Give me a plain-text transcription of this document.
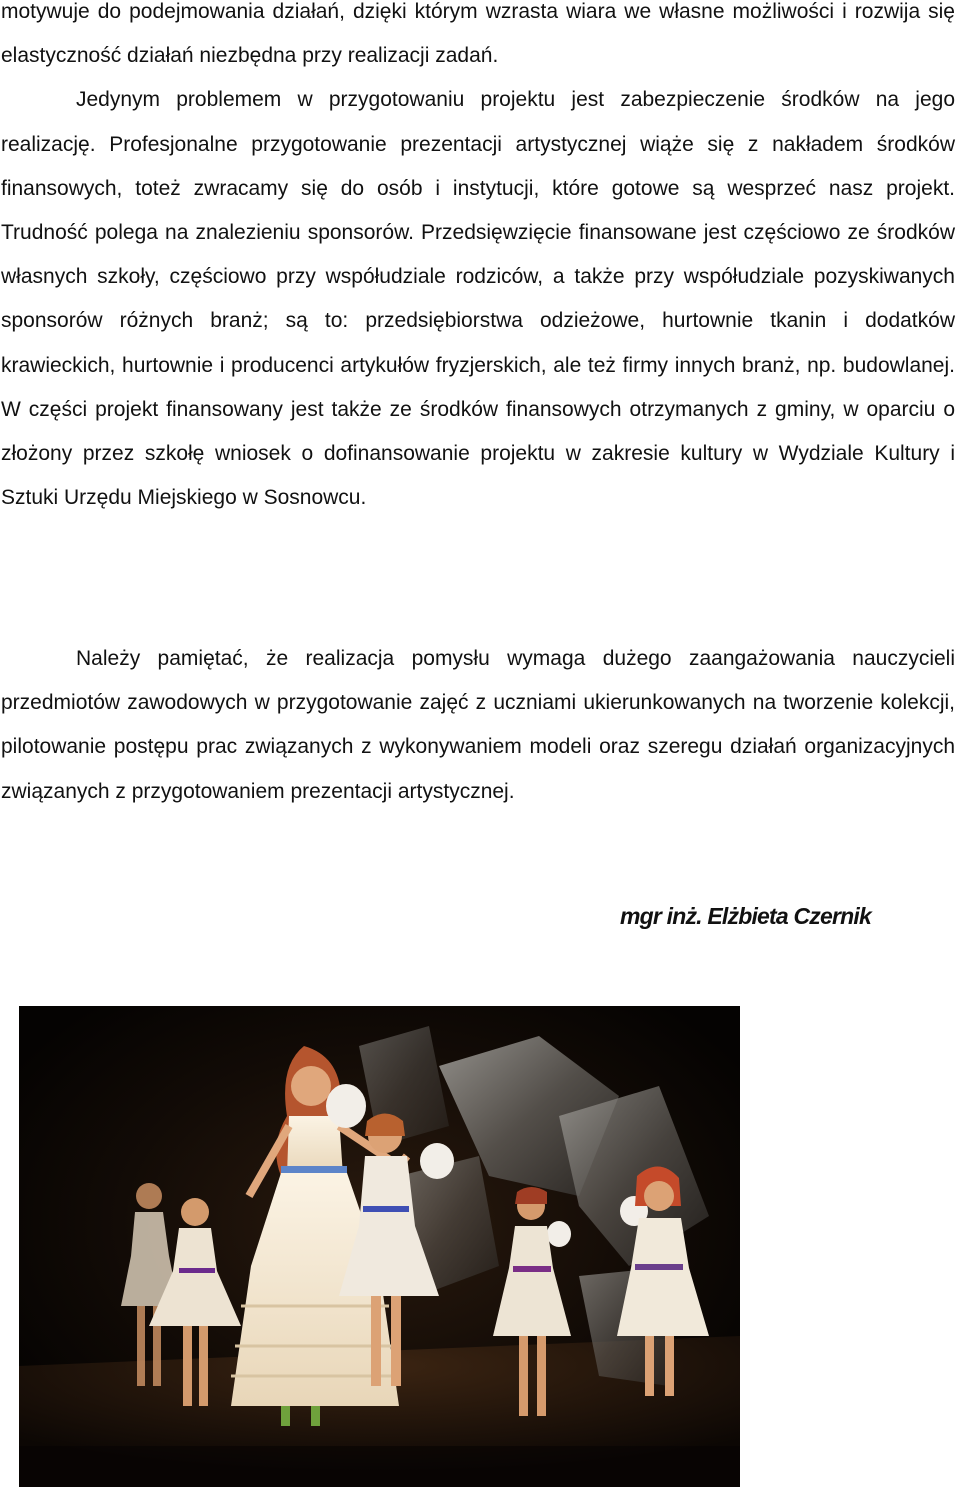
motywuje do podejmowania działań, dzięki którym wzrasta wiara we własne możliwości i rozwija się elastyczność działań niezbędna przy realizacji zadań.

Jedynym problemem w przygotowaniu projektu jest zabezpieczenie środków na jego realizację. Profesjonalne przygotowanie prezentacji artystycznej wiąże się z nakładem środków finansowych, toteż zwracamy się do osób i instytucji, które gotowe są wesprzeć nasz projekt. Trudność polega na znalezieniu sponsorów. Przedsięwzięcie finansowane jest częściowo ze środków własnych szkoły, częściowo przy współudziale rodziców, a także przy współudziale pozyskiwanych sponsorów różnych branż; są to: przedsiębiorstwa odzieżowe, hurtownie tkanin i dodatków krawieckich, hurtownie i producenci artykułów fryzjerskich, ale też firmy innych branż, np. budowlanej. W części projekt finansowany jest także ze środków finansowych otrzymanych z gminy, w oparciu o złożony przez szkołę wniosek o dofinansowanie projektu w zakresie kultury w Wydziale Kultury i Sztuki Urzędu Miejskiego w Sosnowcu.

Należy pamiętać, że realizacja pomysłu wymaga dużego zaangażowania nauczycieli przedmiotów zawodowych w przygotowanie zajęć z uczniami ukierunkowanych na tworzenie kolekcji, pilotowanie postępu prac związanych z wykonywaniem modeli oraz szeregu działań organizacyjnych związanych z przygotowaniem prezentacji artystycznej.

mgr inż. Elżbieta Czernik
